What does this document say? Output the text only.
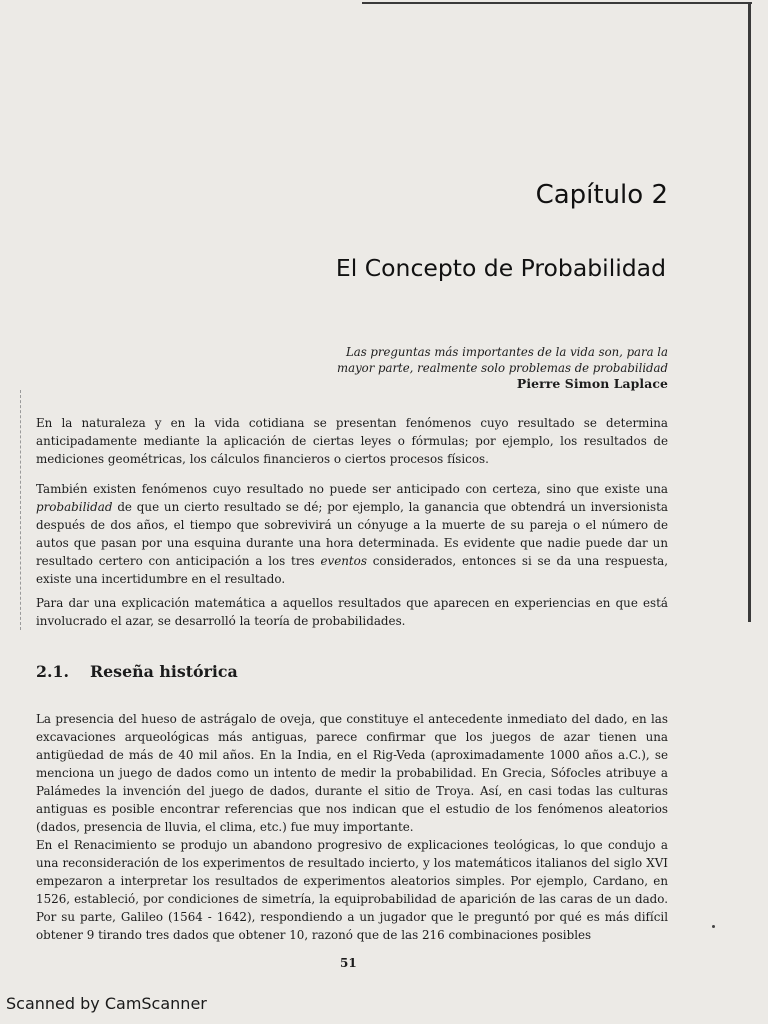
Capítulo 2
El Concepto de Probabilidad
Las preguntas más importantes de la vida son, para la
mayor parte, realmente solo problemas de probabilidad
Pierre Simon Laplace

En la naturaleza y en la vida cotidiana se presentan fenómenos cuyo resultado se determina anticipadamente mediante la aplicación de ciertas leyes o fórmulas; por ejemplo, los resultados de mediciones geométricas, los cálculos financieros o ciertos procesos físicos.

También existen fenómenos cuyo resultado no puede ser anticipado con certeza, sino que existe una probabilidad de que un cierto resultado se dé; por ejemplo, la ganancia que obtendrá un inversionista después de dos años, el tiempo que sobrevivirá un cónyuge a la muerte de su pareja o el número de autos que pasan por una esquina durante una hora determinada. Es evidente que nadie puede dar un resultado certero con anticipación a los tres eventos considerados, entonces si se da una respuesta, existe una incertidumbre en el resultado.

Para dar una explicación matemática a aquellos resultados que aparecen en experiencias en que está involucrado el azar, se desarrolló la teoría de probabilidades.

2.1. Reseña histórica

La presencia del hueso de astrágalo de oveja, que constituye el antecedente inmediato del dado, en las excavaciones arqueológicas más antiguas, parece confirmar que los juegos de azar tienen una antigüedad de más de 40 mil años. En la India, en el Rig-Veda (aproximadamente 1000 años a.C.), se menciona un juego de dados como un intento de medir la probabilidad. En Grecia, Sófocles atribuye a Palámedes la invención del juego de dados, durante el sitio de Troya. Así, en casi todas las culturas antiguas es posible encontrar referencias que nos indican que el estudio de los fenómenos aleatorios (dados, presencia de lluvia, el clima, etc.) fue muy importante.

En el Renacimiento se produjo un abandono progresivo de explicaciones teológicas, lo que condujo a una reconsideración de los experimentos de resultado incierto, y los matemáticos italianos del siglo XVI empezaron a interpretar los resultados de experimentos aleatorios simples. Por ejemplo, Cardano, en 1526, estableció, por condiciones de simetría, la equiprobabilidad de aparición de las caras de un dado. Por su parte, Galileo (1564 - 1642), respondiendo a un jugador que le preguntó por qué es más difícil obtener 9 tirando tres dados que obtener 10, razonó que de las 216 combinaciones posibles

51
Scanned by CamScanner
